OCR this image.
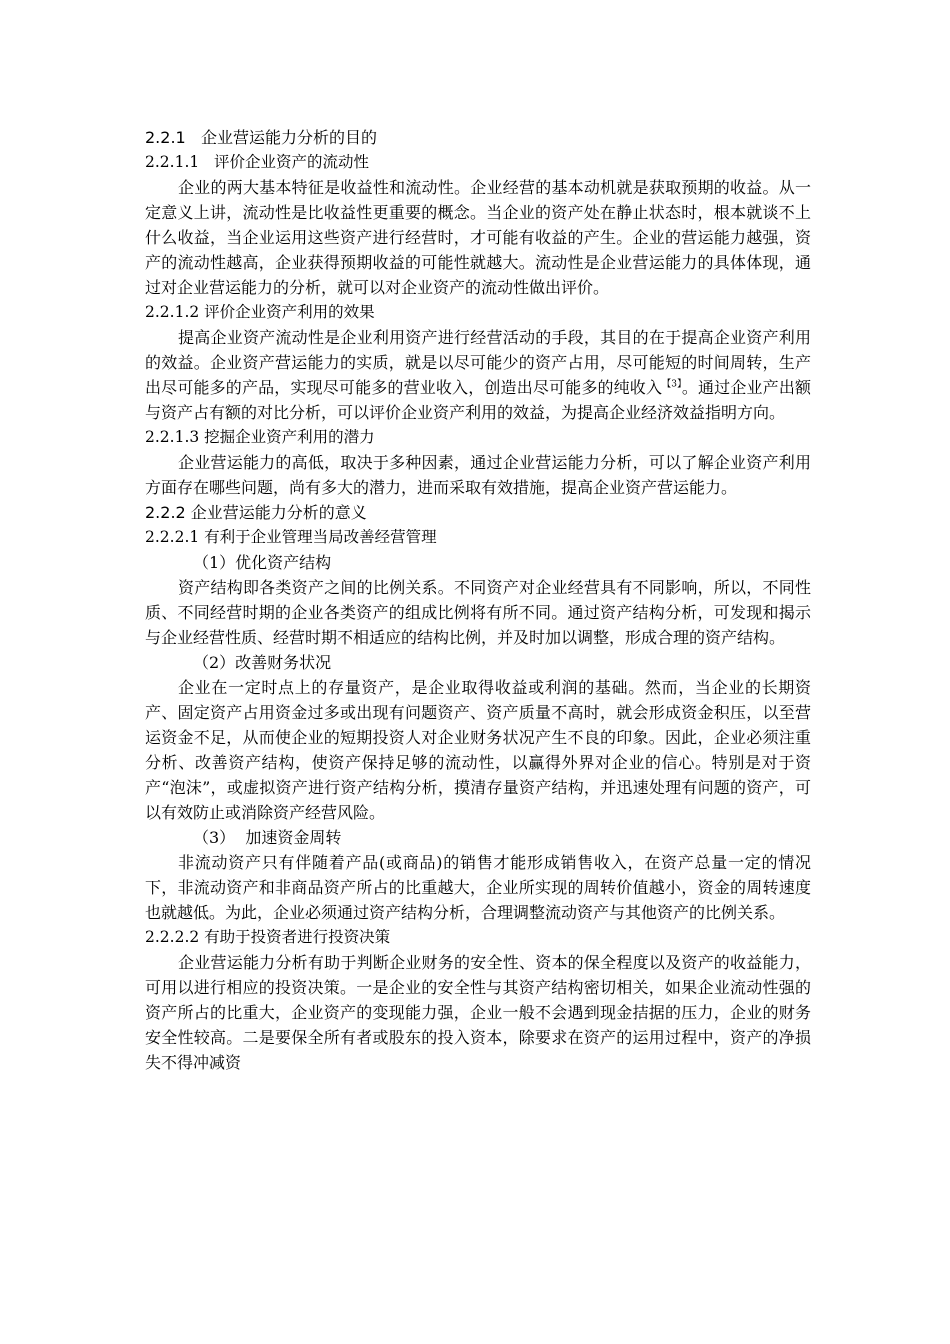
2.2.1   企业营运能力分析的目的
2.2.1.1   评价企业资产的流动性

企业的两大基本特征是收益性和流动性。企业经营的基本动机就是获取预期的收益。从一定意义上讲，流动性是比收益性更重要的概念。当企业的资产处在静止状态时，根本就谈不上什么收益，当企业运用这些资产进行经营时，才可能有收益的产生。企业的营运能力越强，资产的流动性越高，企业获得预期收益的可能性就越大。流动性是企业营运能力的具体体现，通过对企业营运能力的分析，就可以对企业资产的流动性做出评价。

2.2.1.2 评价企业资产利用的效果

提高企业资产流动性是企业利用资产进行经营活动的手段，其目的在于提高企业资产利用的效益。企业资产营运能力的实质，就是以尽可能少的资产占用，尽可能短的时间周转，生产出尽可能多的产品，实现尽可能多的营业收入，创造出尽可能多的纯收入$^{【3】}$。通过企业产出额与资产占有额的对比分析，可以评价企业资产利用的效益，为提高企业经济效益指明方向。

2.2.1.3 挖掘企业资产利用的潜力

企业营运能力的高低，取决于多种因素，通过企业营运能力分析，可以了解企业资产利用方面存在哪些问题，尚有多大的潜力，进而采取有效措施，提高企业资产营运能力。

2.2.2 企业营运能力分析的意义
2.2.2.1 有利于企业管理当局改善经营管理
（1）优化资产结构

资产结构即各类资产之间的比例关系。不同资产对企业经营具有不同影响，所以，不同性质、不同经营时期的企业各类资产的组成比例将有所不同。通过资产结构分析，可发现和揭示与企业经营性质、经营时期不相适应的结构比例，并及时加以调整，形成合理的资产结构。

（2）改善财务状况

企业在一定时点上的存量资产，是企业取得收益或利润的基础。然而，当企业的长期资产、固定资产占用资金过多或出现有问题资产、资产质量不高时，就会形成资金积压，以至营运资金不足，从而使企业的短期投资人对企业财务状况产生不良的印象。因此，企业必须注重分析、改善资产结构，使资产保持足够的流动性，以赢得外界对企业的信心。特别是对于资产“泡沫”，或虚拟资产进行资产结构分析，摸清存量资产结构，并迅速处理有问题的资产，可以有效防止或消除资产经营风险。

（3）  加速资金周转

非流动资产只有伴随着产品(或商品)的销售才能形成销售收入，在资产总量一定的情况下，非流动资产和非商品资产所占的比重越大，企业所实现的周转价值越小，资金的周转速度也就越低。为此，企业必须通过资产结构分析，合理调整流动资产与其他资产的比例关系。

2.2.2.2 有助于投资者进行投资决策

企业营运能力分析有助于判断企业财务的安全性、资本的保全程度以及资产的收益能力，可用以进行相应的投资决策。一是企业的安全性与其资产结构密切相关，如果企业流动性强的资产所占的比重大，企业资产的变现能力强，企业一般不会遇到现金拮据的压力，企业的财务安全性较高。二是要保全所有者或股东的投入资本，除要求在资产的运用过程中，资产的净损失不得冲减资
